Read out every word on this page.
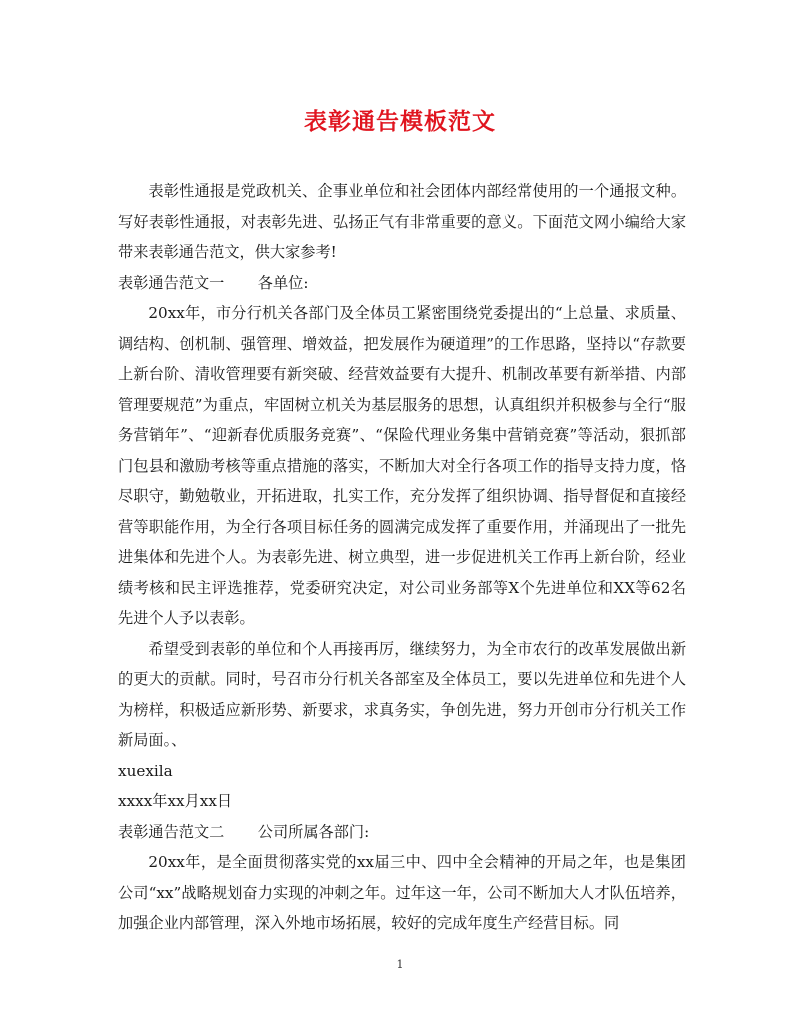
表彰通告模板范文

表彰性通报是党政机关、企事业单位和社会团体内部经常使用的一个通报文种。写好表彰性通报，对表彰先进、弘扬正气有非常重要的意义。下面范文网小编给大家带来表彰通告范文，供大家参考!

表彰通告范文一 各单位:

20xx年，市分行机关各部门及全体员工紧密围绕党委提出的“上总量、求质量、调结构、创机制、强管理、增效益，把发展作为硬道理”的工作思路，坚持以“存款要上新台阶、清收管理要有新突破、经营效益要有大提升、机制改革要有新举措、内部管理要规范”为重点，牢固树立机关为基层服务的思想，认真组织并积极参与全行“服务营销年”、“迎新春优质服务竞赛”、“保险代理业务集中营销竞赛”等活动，狠抓部门包县和激励考核等重点措施的落实，不断加大对全行各项工作的指导支持力度，恪尽职守，勤勉敬业，开拓进取，扎实工作，充分发挥了组织协调、指导督促和直接经营等职能作用，为全行各项目标任务的圆满完成发挥了重要作用，并涌现出了一批先进集体和先进个人。为表彰先进、树立典型，进一步促进机关工作再上新台阶，经业绩考核和民主评选推荐，党委研究决定，对公司业务部等X个先进单位和XX等62名先进个人予以表彰。

希望受到表彰的单位和个人再接再厉，继续努力，为全市农行的改革发展做出新的更大的贡献。同时，号召市分行机关各部室及全体员工，要以先进单位和先进个人为榜样，积极适应新形势、新要求，求真务实，争创先进，努力开创市分行机关工作新局面。、

xuexila

xxxx年xx月xx日

表彰通告范文二 公司所属各部门:

20xx年，是全面贯彻落实党的xx届三中、四中全会精神的开局之年，也是集团公司“xx”战略规划奋力实现的冲刺之年。过年这一年，公司不断加大人才队伍培养，加强企业内部管理，深入外地市场拓展，较好的完成年度生产经营目标。同

1
